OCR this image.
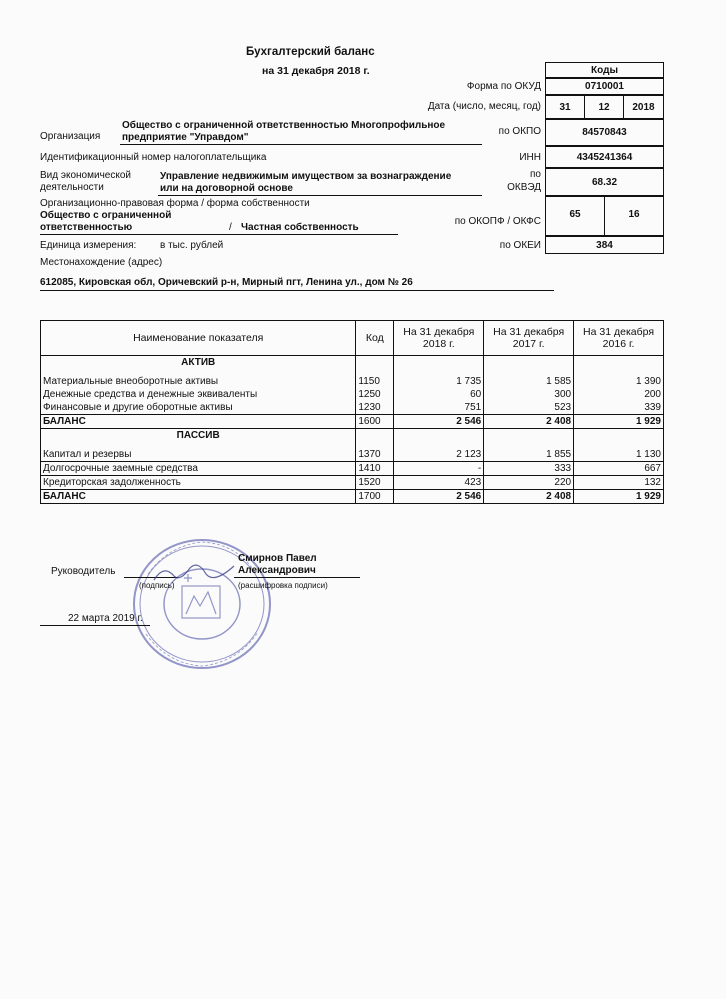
Бухгалтерский баланс
на 31 декабря 2018 г.	Коды
Форма по ОКУД	0710001
Дата (число, месяц, год)	31	12	2018
Организация
Общество с ограниченной ответственностью Многопрофильное
предприятие "Управдом"
по ОКПО	84570843
Идентификационный номер налогоплательщика	ИНН	4345241364
Вид экономической
деятельности
Управление недвижимым имуществом за вознаграждение
или на договорной основе
по
ОКВЭД	68.32
Организационно-правовая форма / форма собственности
Общество с ограниченной
ответственностью	/ Частная собственность
по ОКОПФ / ОКФС
65	16
Единица измерения: в тыс. рублей	по ОКЕИ	384
Местонахождение (адрес)
612085, Кировская обл, Оричевский р-н, Мирный пгт, Ленина ул., дом № 26
Наименование показателя	Код	На 31 декабря 2018 г.	На 31 декабря 2017 г.	На 31 декабря 2016 г.
АКТИВ				
Материальные внеоборотные активы	1150	1 735	1 585	1 390
Денежные средства и денежные эквиваленты	1250	60	300	200
Финансовые и другие оборотные активы	1230	751	523	339
БАЛАНС	1600	2 546	2 408	1 929
ПАССИВ				
Капитал и резервы	1370	2 123	1 855	1 130
Долгосрочные заемные средства	1410	-	333	667
Кредиторская задолженность	1520	423	220	132
БАЛАНС	1700	2 546	2 408	1 929
Руководитель
(подпись)
Смирнов Павел
Александрович
(расшифровка подписи)
22 марта 2019 г.
